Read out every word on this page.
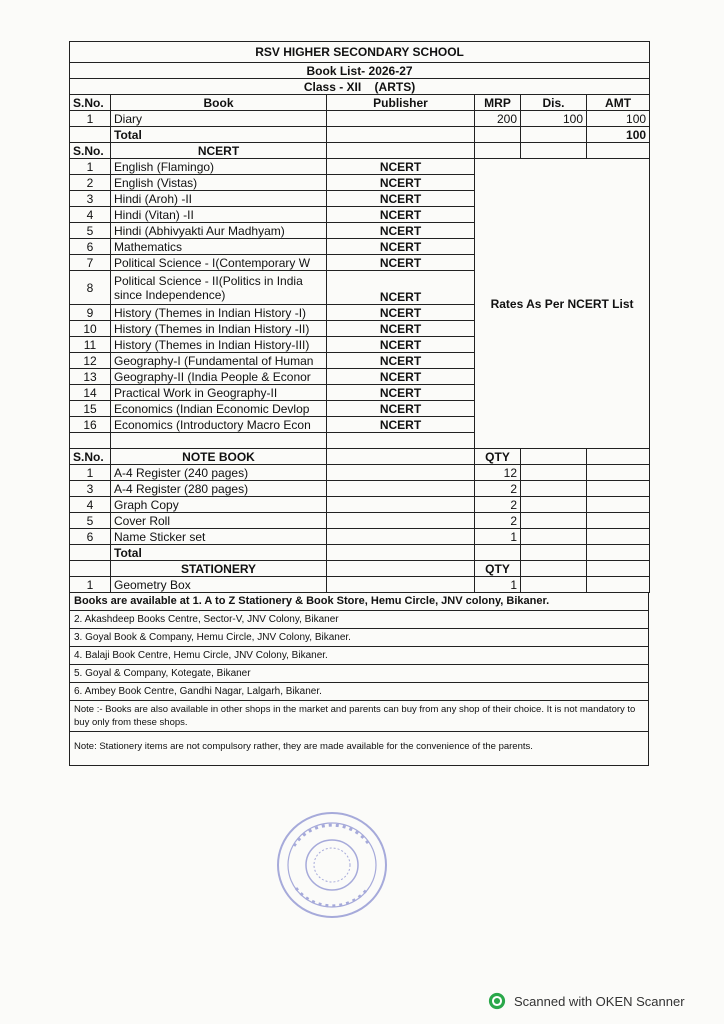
RSV HIGHER SECONDARY SCHOOL					
Book List- 2026-27					
Class - XII    (ARTS)					
S.No.	Book	Publisher	MRP	Dis.	AMT
1	Diary		200	100	100
	Total				100
S.No.	NCERT				
1	English (Flamingo)	NCERT	Rates As Per NCERT List		
2	English (Vistas)	NCERT			
3	Hindi (Aroh) -II	NCERT			
4	Hindi (Vitan) -II	NCERT			
5	Hindi (Abhivyakti Aur Madhyam)	NCERT			
6	Mathematics	NCERT			
7	Political Science - I(Contemporary W	NCERT			
8	Political Science - II(Politics in India since Independence)	NCERT			
9	History (Themes in Indian History -I)	NCERT			
10	History (Themes in Indian History -II)	NCERT			
11	History (Themes in Indian History-III)	NCERT			
12	Geography-I (Fundamental of Human	NCERT			
13	Geography-II (India People & Econor	NCERT			
14	Practical Work in Geography-II	NCERT			
15	Economics (Indian Economic Devlop	NCERT			
16	Economics (Introductory Macro Econ	NCERT			

S.No.	NOTE BOOK		QTY		
1	A-4 Register (240 pages)		12		
3	A-4 Register (280 pages)		2		
4	Graph Copy		2		
5	Cover Roll		2		
6	Name Sticker set		1		
	Total				
	STATIONERY		QTY		
1	Geometry Box		1		
Books are available at 1. A to Z Stationery & Book Store, Hemu Circle, JNV colony, Bikaner.
2. Akashdeep Books Centre, Sector-V, JNV Colony, Bikaner
3. Goyal Book & Company, Hemu Circle, JNV Colony, Bikaner.
4. Balaji Book Centre, Hemu Circle, JNV Colony, Bikaner.
5. Goyal & Company, Kotegate, Bikaner
6. Ambey Book Centre, Gandhi Nagar, Lalgarh, Bikaner.
Note :- Books are also available in other shops in the market and parents can buy from any shop of their choice. It is not mandatory to buy only from these shops.
Note: Stationery items are not compulsory rather, they are made available for the convenience of the parents.
Scanned with OKEN Scanner
